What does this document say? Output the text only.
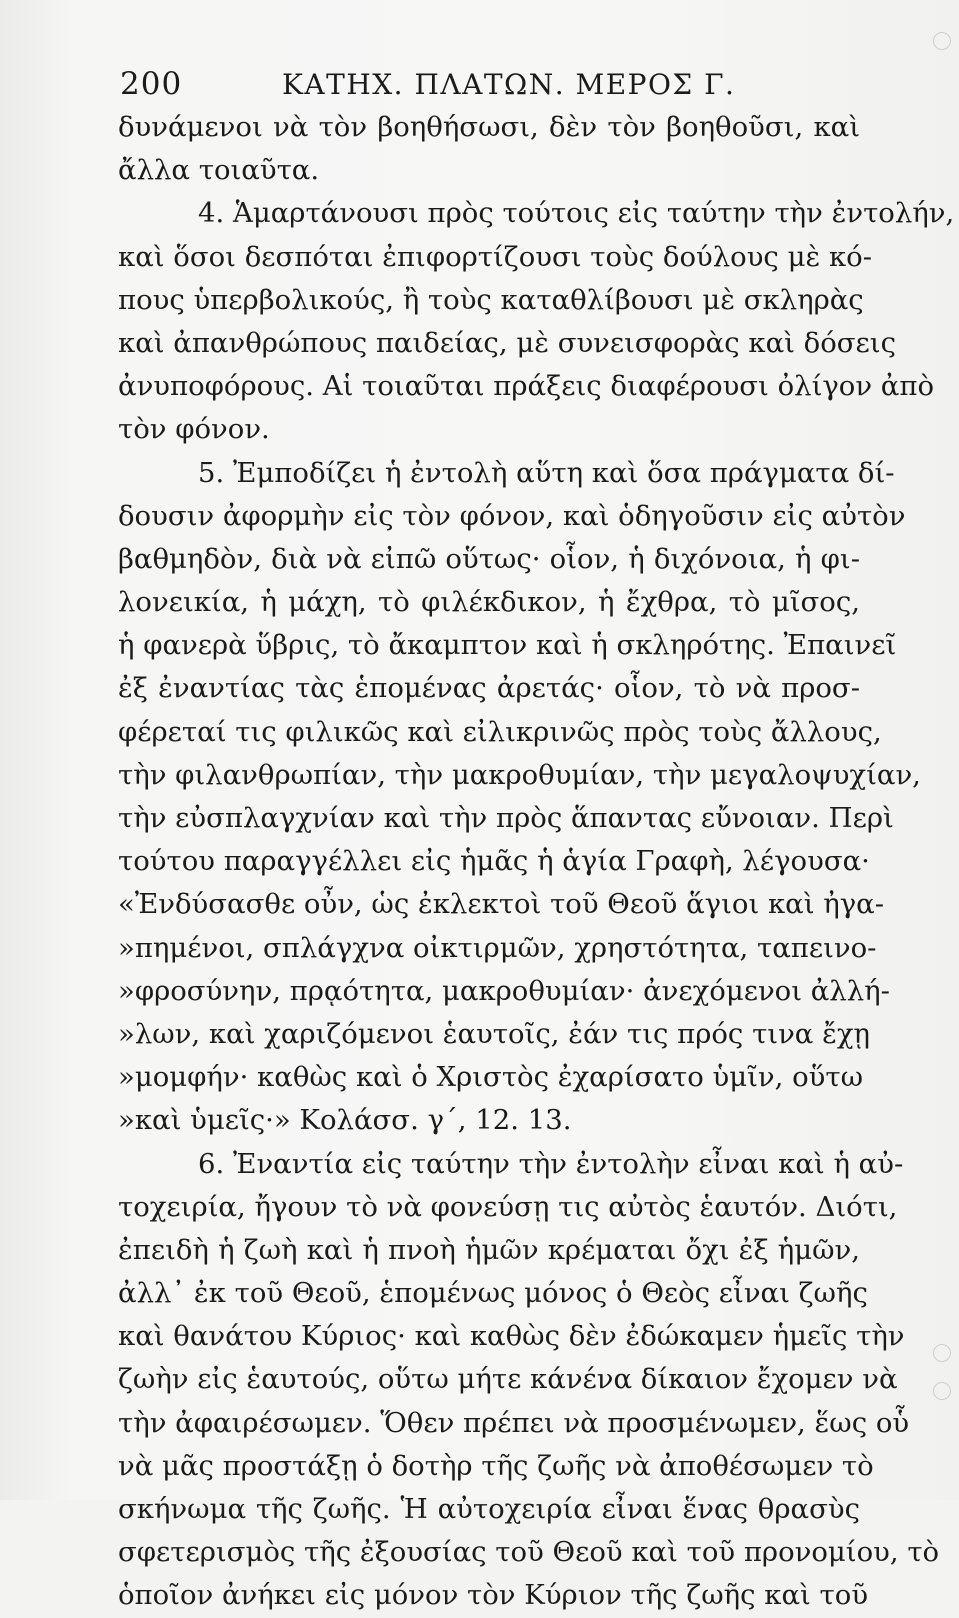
200	ΚΑΤΗΧ. ΠΛΑΤΩΝ. ΜΕΡΟΣ Γ.
δυνάμενοι νὰ τὸν βοηθήσωσι, δὲν τὸν βοηθοῦσι, καὶ
ἄλλα τοιαῦτα.
4. Ἁμαρτάνουσι πρὸς τούτοις εἰς ταύτην τὴν ἐντολήν,
καὶ ὅσοι δεσπόται ἐπιφορτίζουσι τοὺς δούλους μὲ κό-
πους ὑπερβολικούς, ἢ τοὺς καταθλίβουσι μὲ σκληρὰς
καὶ ἀπανθρώπους παιδείας, μὲ συνεισφορὰς καὶ δόσεις
ἀνυποφόρους. Αἱ τοιαῦται πράξεις διαφέρουσι ὀλίγον ἀπὸ
τὸν φόνον.
5. Ἐμποδίζει ἡ ἐντολὴ αὕτη καὶ ὅσα πράγματα δί-
δουσιν ἀφορμὴν εἰς τὸν φόνον, καὶ ὁδηγοῦσιν εἰς αὐτὸν
βαθμηδὸν, διὰ νὰ εἰπῶ οὕτως· οἷον, ἡ διχόνοια, ἡ φι-
λονεικία, ἡ μάχη, τὸ φιλέκδικον, ἡ ἔχθρα, τὸ μῖσος,
ἡ φανερὰ ὕβρις, τὸ ἄκαμπτον καὶ ἡ σκληρότης. Ἐπαινεῖ
ἐξ ἐναντίας τὰς ἑπομένας ἀρετάς· οἷον, τὸ νὰ προσ-
φέρεταί τις φιλικῶς καὶ εἰλικρινῶς πρὸς τοὺς ἄλλους,
τὴν φιλανθρωπίαν, τὴν μακροθυμίαν, τὴν μεγαλοψυχίαν,
τὴν εὐσπλαγχνίαν καὶ τὴν πρὸς ἅπαντας εὔνοιαν. Περὶ
τούτου παραγγέλλει εἰς ἡμᾶς ἡ ἁγία Γραφὴ, λέγουσα·
«Ἐνδύσασθε οὖν, ὡς ἐκλεκτοὶ τοῦ Θεοῦ ἅγιοι καὶ ἠγα-
»πημένοι, σπλάγχνα οἰκτιρμῶν, χρηστότητα, ταπεινο-
»φροσύνην, πρᾳότητα, μακροθυμίαν· ἀνεχόμενοι ἀλλή-
»λων, καὶ χαριζόμενοι ἑαυτοῖς, ἐάν τις πρός τινα ἔχῃ
»μομφήν· καθὼς καὶ ὁ Χριστὸς ἐχαρίσατο ὑμῖν, οὕτω
»καὶ ὑμεῖς·» Κολάσσ. γ΄, 12. 13.
6. Ἐναντία εἰς ταύτην τὴν ἐντολὴν εἶναι καὶ ἡ αὐ-
τοχειρία, ἤγουν τὸ νὰ φονεύσῃ τις αὐτὸς ἑαυτόν. Διότι,
ἐπειδὴ ἡ ζωὴ καὶ ἡ πνοὴ ἡμῶν κρέμαται ὄχι ἐξ ἡμῶν,
ἀλλ᾽ ἐκ τοῦ Θεοῦ, ἑπομένως μόνος ὁ Θεὸς εἶναι ζωῆς
καὶ θανάτου Κύριος· καὶ καθὼς δὲν ἐδώκαμεν ἡμεῖς τὴν
ζωὴν εἰς ἑαυτούς, οὕτω μήτε κάνένα δίκαιον ἔχομεν νὰ
τὴν ἀφαιρέσωμεν. Ὅθεν πρέπει νὰ προσμένωμεν, ἕως οὗ
νὰ μᾶς προστάξῃ ὁ δοτὴρ τῆς ζωῆς νὰ ἀποθέσωμεν τὸ
σκήνωμα τῆς ζωῆς. Ἡ αὐτοχειρία εἶναι ἕνας θρασὺς
σφετερισμὸς τῆς ἐξουσίας τοῦ Θεοῦ καὶ τοῦ προνομίου, τὸ
ὁποῖον ἀνήκει εἰς μόνον τὸν Κύριον τῆς ζωῆς καὶ τοῦ
